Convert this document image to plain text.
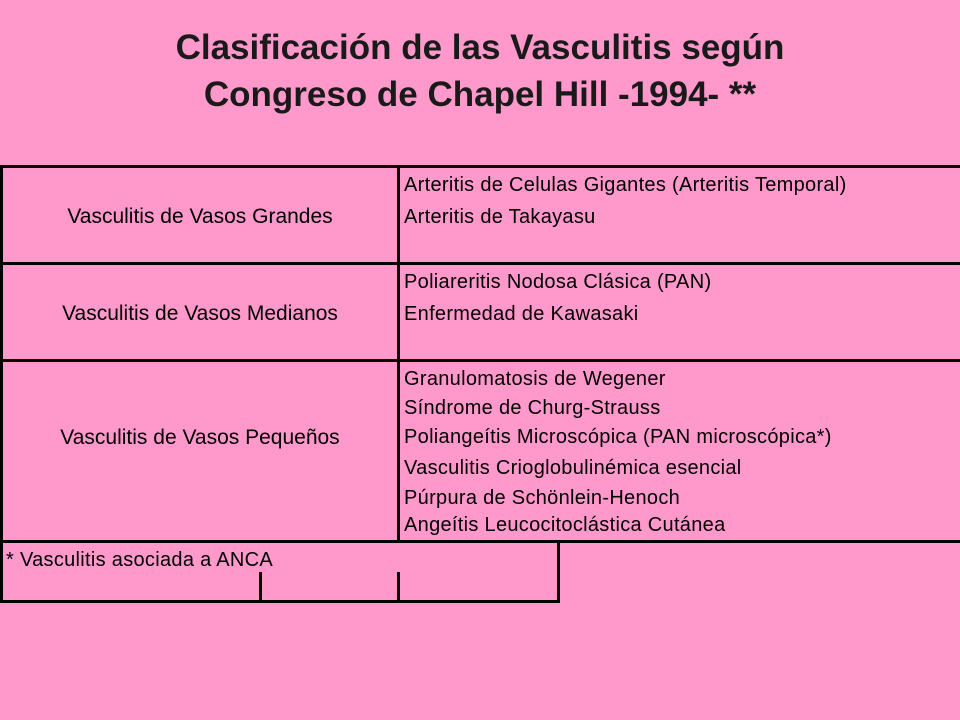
Clasificación de las Vasculitis según
Congreso de Chapel Hill -1994- **
Vasculitis de Vasos Grandes
Arteritis de Celulas Gigantes (Arteritis Temporal)
Arteritis de Takayasu
Vasculitis de Vasos Medianos
Poliareritis Nodosa Clásica (PAN)
Enfermedad de Kawasaki
Vasculitis de Vasos Pequeños
Granulomatosis de Wegener
Síndrome de Churg-Strauss
Poliangeítis Microscópica (PAN microscópica*)
Vasculitis Crioglobulinémica esencial
Púrpura de Schönlein-Henoch
Angeítis Leucocitoclástica Cutánea
* Vasculitis asociada a ANCA
